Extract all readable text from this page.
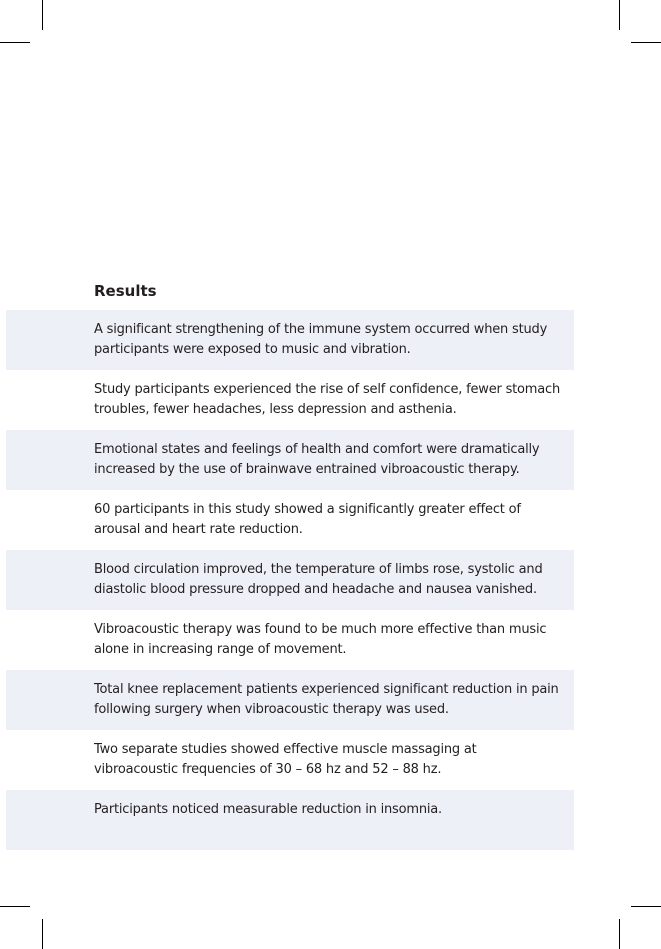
Results
A significant strengthening of the immune system occurred when study participants were exposed to music and vibration.
Study participants experienced the rise of self confidence, fewer stomach troubles, fewer headaches, less depression and asthenia.
Emotional states and feelings of health and comfort were dramatically increased by the use of brainwave entrained vibroacoustic therapy.
60 participants in this study showed a significantly greater effect of arousal and heart rate reduction.
Blood circulation improved, the temperature of limbs rose, systolic and diastolic blood pressure dropped and headache and nausea vanished.
Vibroacoustic therapy was found to be much more effective than music alone in increasing range of movement.
Total knee replacement patients experienced significant reduction in pain following surgery when vibroacoustic therapy was used.
Two separate studies showed effective muscle massaging at vibroacoustic frequencies of 30 – 68 hz and 52 – 88 hz.
Participants noticed measurable reduction in insomnia.
